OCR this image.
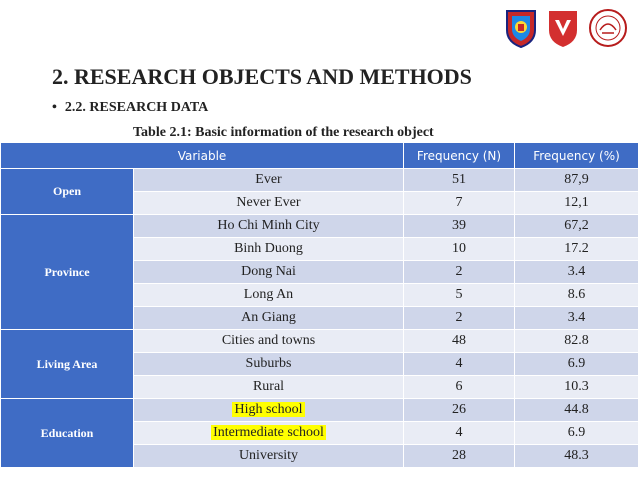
2. RESEARCH OBJECTS AND METHODS
• 2.2. RESEARCH DATA
Table 2.1: Basic information of the research object
Variable		Frequency (N)	Frequency (%)
Open	Ever	51	87,9
	Never Ever	7	12,1
Province	Ho Chi Minh City	39	67,2
	Binh Duong	10	17.2
	Dong Nai	2	3.4
	Long An	5	8.6
	An Giang	2	3.4
Living Area	Cities and towns	48	82.8
	Suburbs	4	6.9
	Rural	6	10.3
Education	High school	26	44.8
	Intermediate school	4	6.9
	University	28	48.3
